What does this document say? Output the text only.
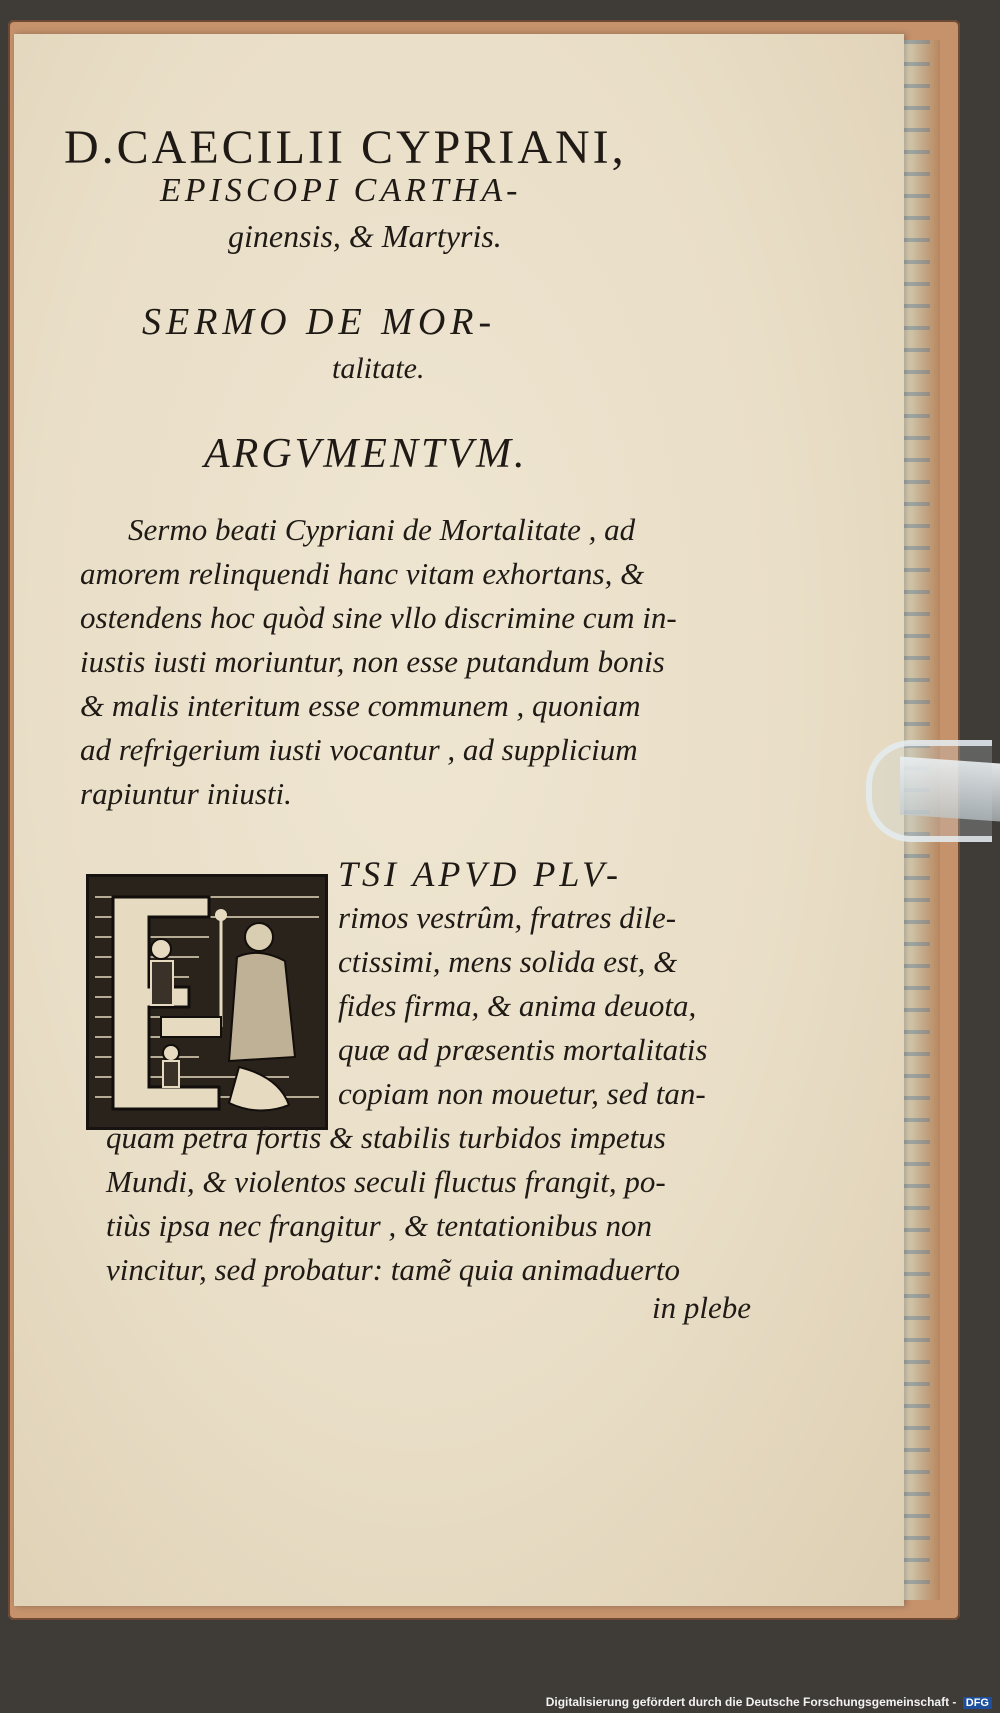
D.CAECILII CYPRIANI,
EPISCOPI CARTHA-
ginensis, & Martyris.
SERMO DE MOR-
talitate.
ARGVMENTVM.
Sermo beati Cypriani de Mortalitate , ad
amorem relinquendi hanc vitam exhortans, &
ostendens hoc quòd sine vllo discrimine cum in-
iustis iusti moriuntur, non esse putandum bonis
& malis interitum esse communem , quoniam
ad refrigerium iusti vocantur , ad supplicium
rapiuntur iniusti.
TSI APVD PLV-
rimos vestrûm, fratres dile-
ctissimi, mens solida est, &
fides firma, & anima deuota,
quæ ad præsentis mortalitatis
copiam non mouetur, sed tan-
quam petra fortis & stabilis turbidos impetus
Mundi, & violentos seculi fluctus frangit, po-
tiùs ipsa nec frangitur , & tentationibus non
vincitur, sed probatur: tamẽ quia animaduerto
in plebe
Digitalisierung gefördert durch die Deutsche Forschungsgemeinschaft - DFG
